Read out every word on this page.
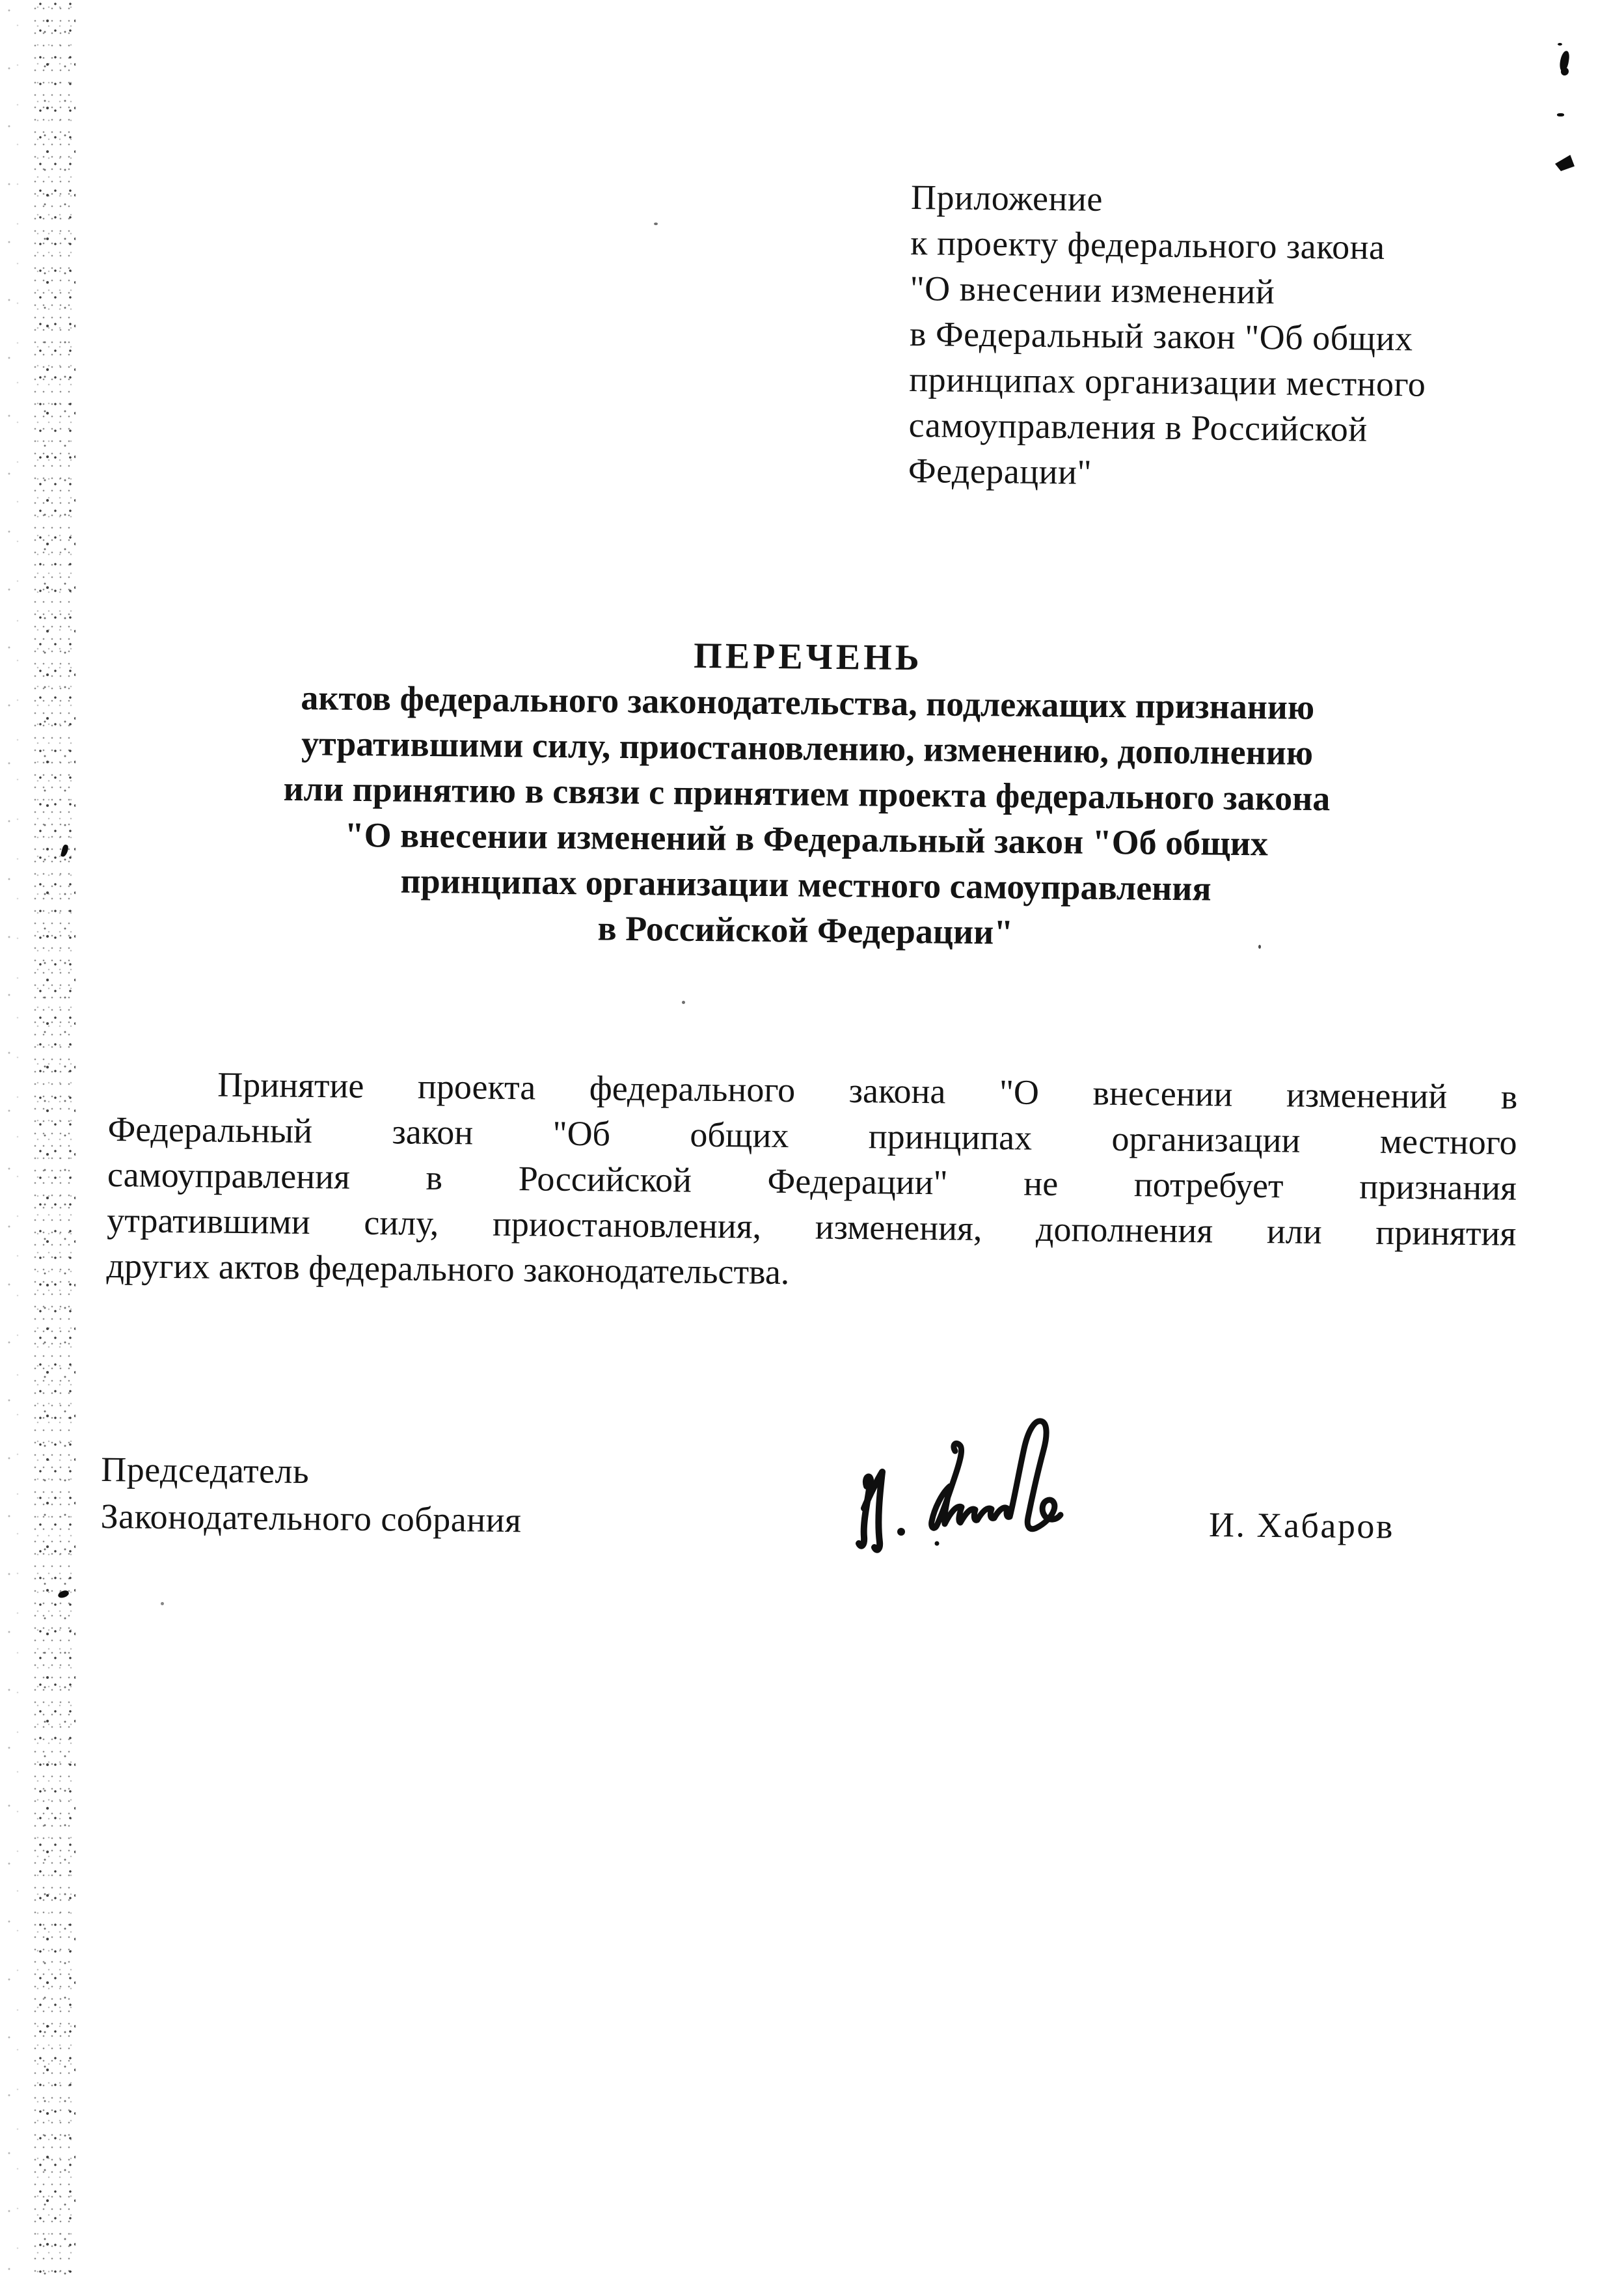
Приложение
к проекту федерального закона
"О внесении изменений
в Федеральный закон "Об общих
принципах организации местного
самоуправления в Российской
Федерации"
ПЕРЕЧЕНЬ
актов федерального законодательства, подлежащих признанию
утратившими силу, приостановлению, изменению, дополнению
или принятию в связи с принятием проекта федерального закона
"О внесении изменений в Федеральный закон "Об общих
принципах организации местного самоуправления
в Российской Федерации"
Принятие проекта федерального закона "О внесении изменений в
Федеральный закон "Об общих принципах организации местного
самоуправления в Российской Федерации" не потребует признания
утратившими силу, приостановления, изменения, дополнения или принятия
других актов федерального законодательства.
Председатель
Законодательного собрания	И. Хабаров
